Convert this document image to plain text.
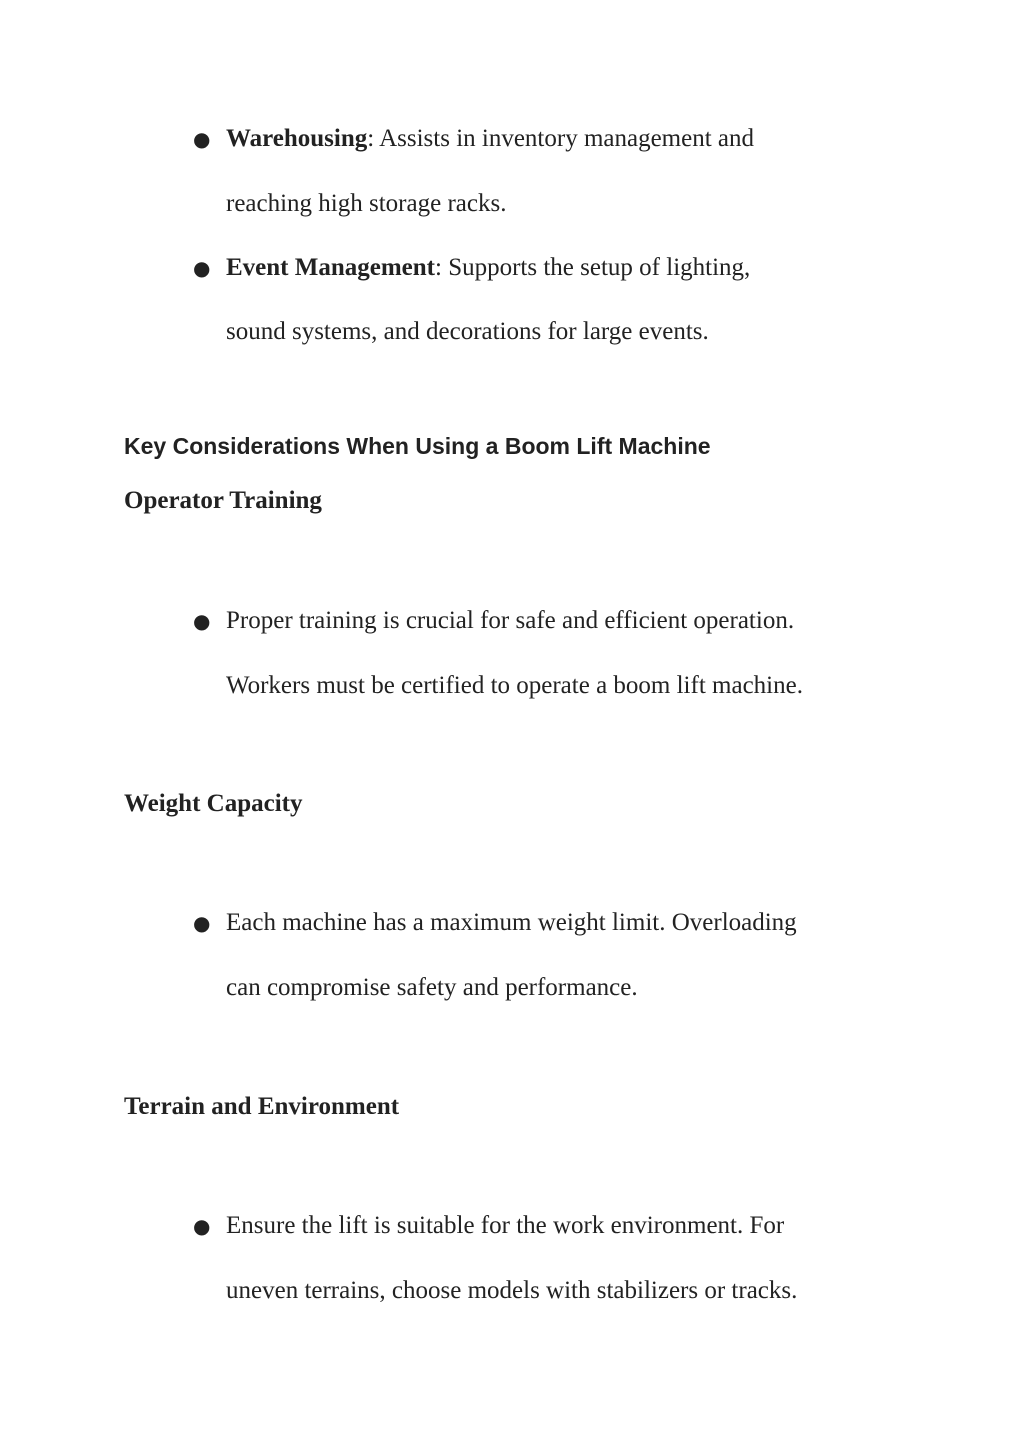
● Warehousing: Assists in inventory management and
reaching high storage racks.
● Event Management: Supports the setup of lighting,
sound systems, and decorations for large events.
Key Considerations When Using a Boom Lift Machine
Operator Training
● Proper training is crucial for safe and efficient operation.
Workers must be certified to operate a boom lift machine.
Weight Capacity
● Each machine has a maximum weight limit. Overloading
can compromise safety and performance.
Terrain and Environment
● Ensure the lift is suitable for the work environment. For
uneven terrains, choose models with stabilizers or tracks.
